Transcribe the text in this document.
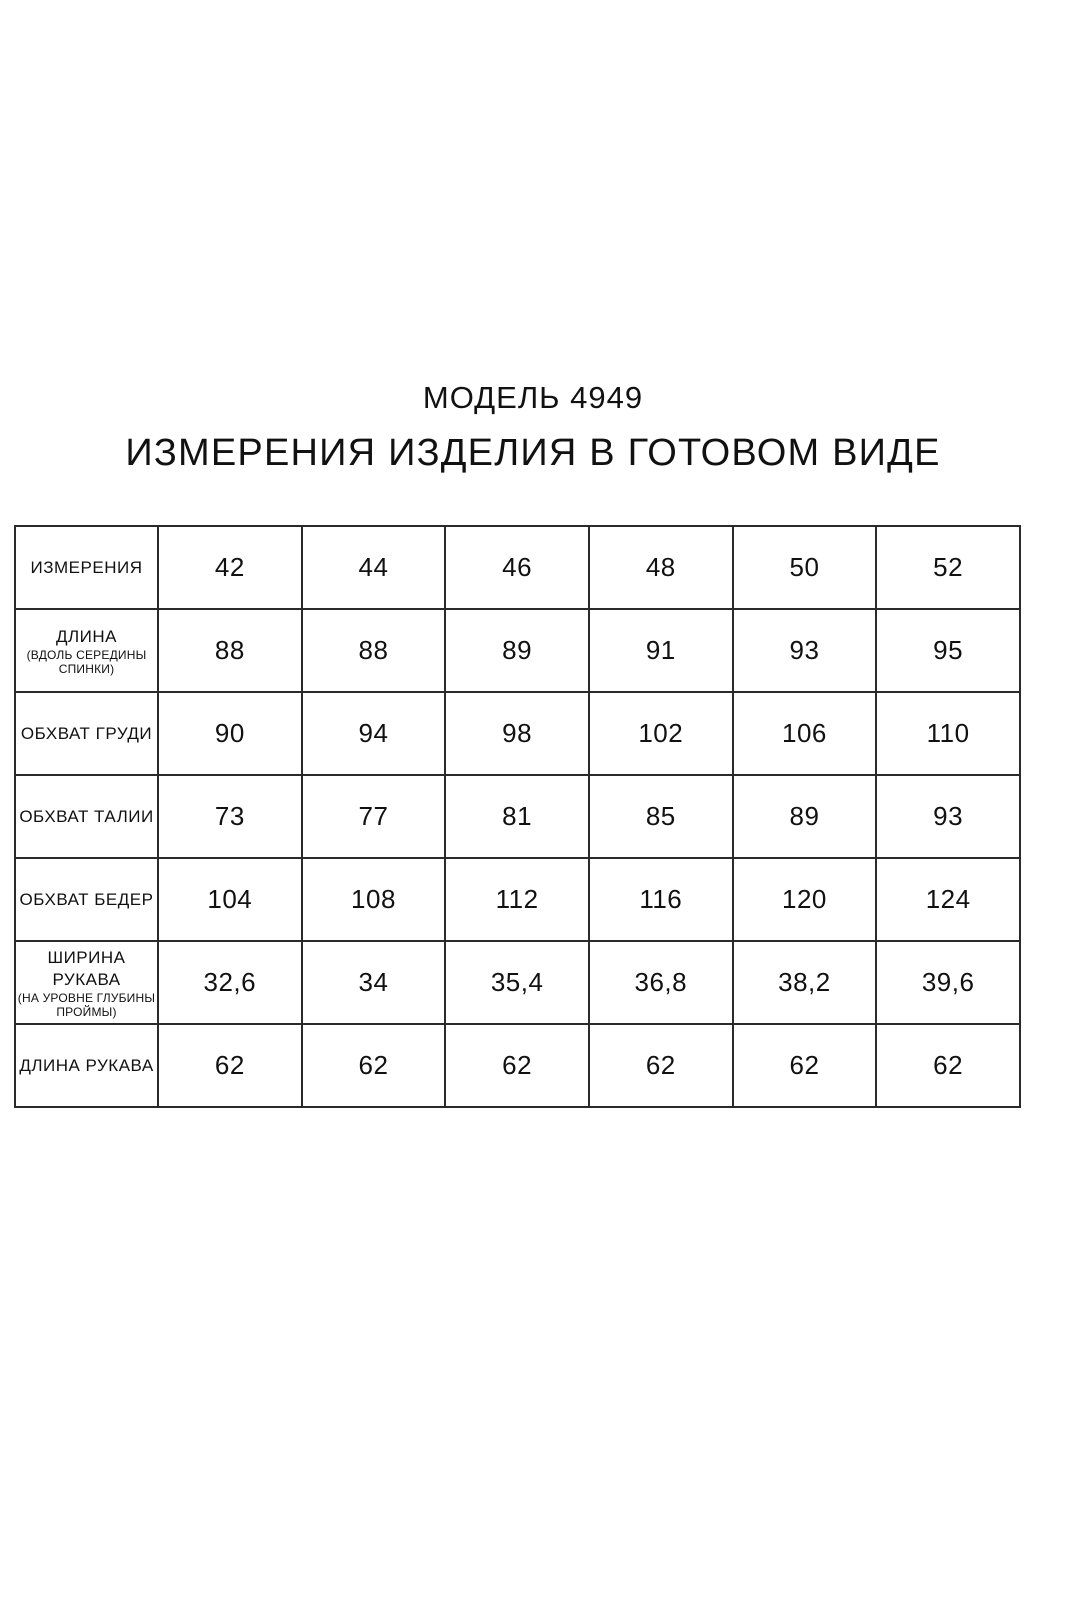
МОДЕЛЬ 4949
ИЗМЕРЕНИЯ ИЗДЕЛИЯ В ГОТОВОМ ВИДЕ
ИЗМЕРЕНИЯ	42	44	46	48	50	52

ДЛИНА
(ВДОЛЬ СЕРЕДИНЫ СПИНКИ)	88	88	89	91	93	95

ОБХВАТ ГРУДИ	90	94	98	102	106	110

ОБХВАТ ТАЛИИ	73	77	81	85	89	93

ОБХВАТ БЕДЕР	104	108	112	116	120	124

ШИРИНА РУКАВА
(НА УРОВНЕ ГЛУБИНЫ ПРОЙМЫ)	32,6	34	35,4	36,8	38,2	39,6

ДЛИНА РУКАВА	62	62	62	62	62	62
